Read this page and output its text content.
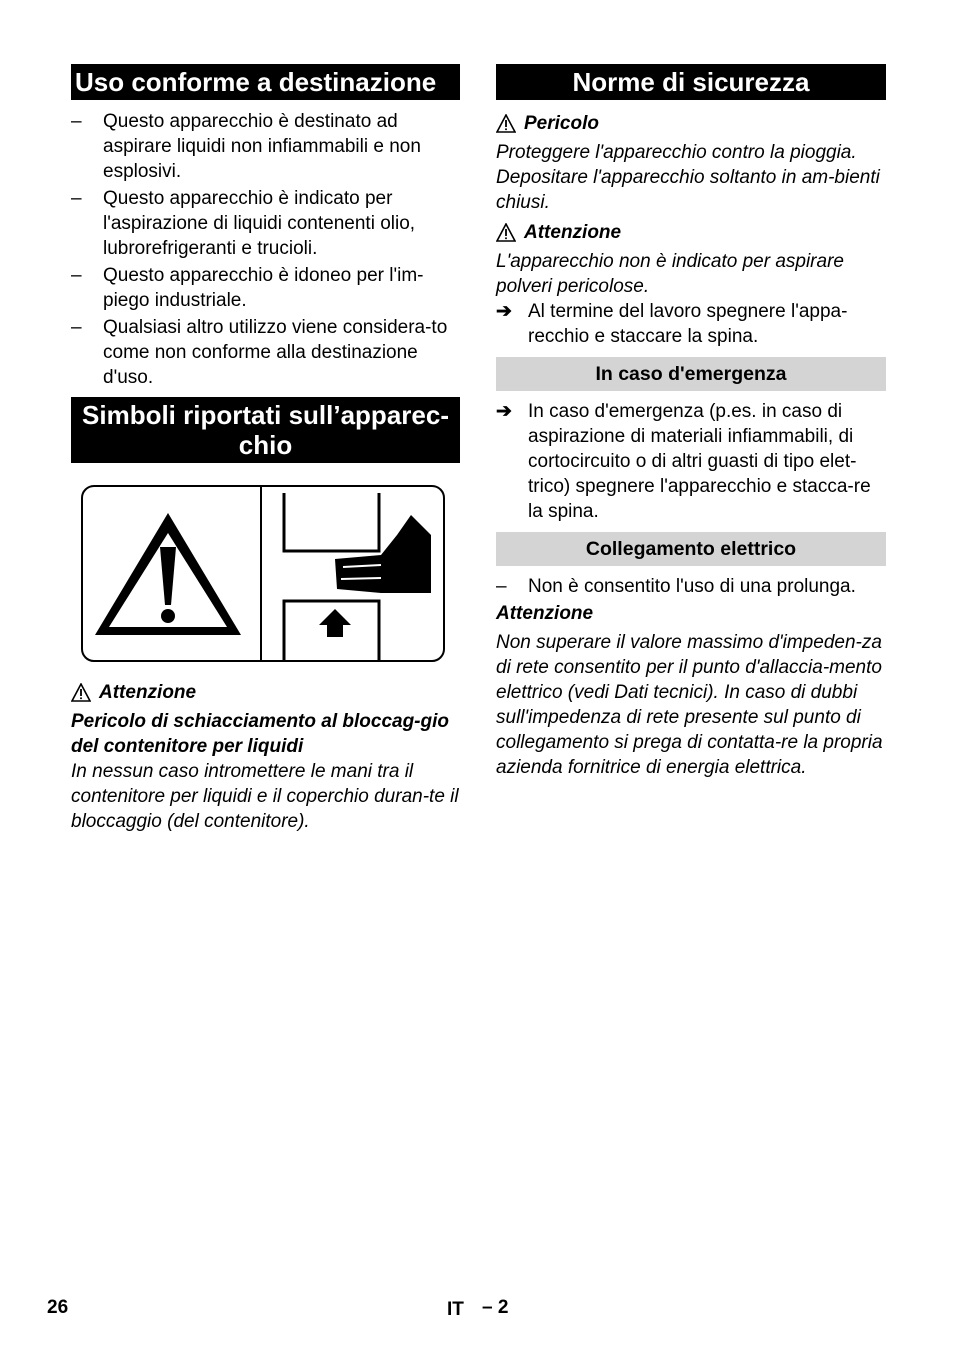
Uso conforme a destinazione
– Questo apparecchio è destinato ad aspirare liquidi non infiammabili e non esplosivi.
– Questo apparecchio è indicato per l'aspirazione di liquidi contenenti olio, lubrorefrigeranti e trucioli.
– Questo apparecchio è idoneo per l'im-piego industriale.
– Qualsiasi altro utilizzo viene considera-to come non conforme alla destinazione d'uso.
Simboli riportati sull’apparec-chio
Attenzione
Pericolo di schiacciamento al bloccag-gio del contenitore per liquidi
In nessun caso intromettere le mani tra il contenitore per liquidi e il coperchio duran-te il bloccaggio (del contenitore).
Norme di sicurezza
Pericolo
Proteggere l'apparecchio contro la pioggia. Depositare l'apparecchio soltanto in am-bienti chiusi.
Attenzione
L'apparecchio non è indicato per aspirare polveri pericolose.
➔ Al termine del lavoro spegnere l'appa-recchio e staccare la spina.
In caso d'emergenza
➔ In caso d'emergenza (p.es. in caso di aspirazione di materiali infiammabili, di cortocircuito o di altri guasti di tipo elet-trico) spegnere l'apparecchio e stacca-re la spina.
Collegamento elettrico
– Non è consentito l'uso di una prolunga.
Attenzione
Non superare il valore massimo d'impeden-za di rete consentito per il punto d'allaccia-mento elettrico (vedi Dati tecnici). In caso di dubbi sull'impedenza di rete presente sul punto di collegamento si prega di contatta-re la propria azienda fornitrice di energia elettrica.
26	IT – 2
